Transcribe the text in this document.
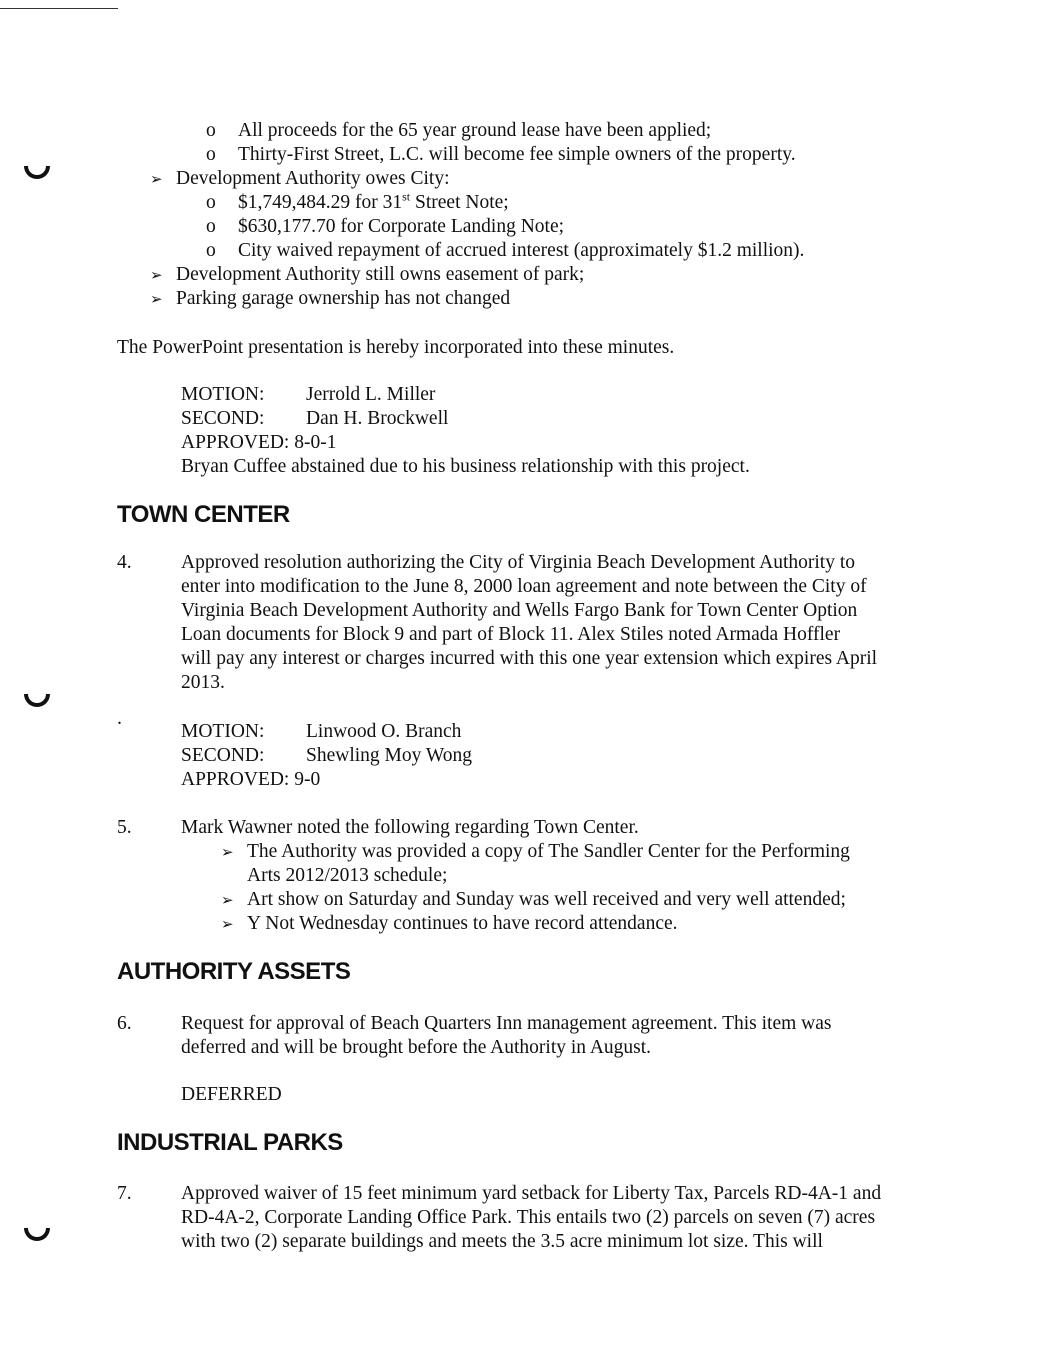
o All proceeds for the 65 year ground lease have been applied;
o Thirty-First Street, L.C. will become fee simple owners of the property.
➢ Development Authority owes City:
o $1,749,484.29 for 31st Street Note;
o $630,177.70 for Corporate Landing Note;
o City waived repayment of accrued interest (approximately $1.2 million).
➢ Development Authority still owns easement of park;
➢ Parking garage ownership has not changed
The PowerPoint presentation is hereby incorporated into these minutes.
MOTION: Jerrold L. Miller
SECOND: Dan H. Brockwell
APPROVED: 8-0-1
Bryan Cuffee abstained due to his business relationship with this project.
TOWN CENTER
4.	Approved resolution authorizing the City of Virginia Beach Development Authority to
enter into modification to the June 8, 2000 loan agreement and note between the City of
Virginia Beach Development Authority and Wells Fargo Bank for Town Center Option
Loan documents for Block 9 and part of Block 11. Alex Stiles noted Armada Hoffler
will pay any interest or charges incurred with this one year extension which expires April
2013.
.
MOTION: Linwood O. Branch
SECOND: Shewling Moy Wong
APPROVED: 9-0
5.	Mark Wawner noted the following regarding Town Center.
➢ The Authority was provided a copy of The Sandler Center for the Performing
Arts 2012/2013 schedule;
➢ Art show on Saturday and Sunday was well received and very well attended;
➢ Y Not Wednesday continues to have record attendance.
AUTHORITY ASSETS
6.	Request for approval of Beach Quarters Inn management agreement. This item was
deferred and will be brought before the Authority in August.
DEFERRED
INDUSTRIAL PARKS
7.	Approved waiver of 15 feet minimum yard setback for Liberty Tax, Parcels RD-4A-1 and
RD-4A-2, Corporate Landing Office Park. This entails two (2) parcels on seven (7) acres
with two (2) separate buildings and meets the 3.5 acre minimum lot size. This will
